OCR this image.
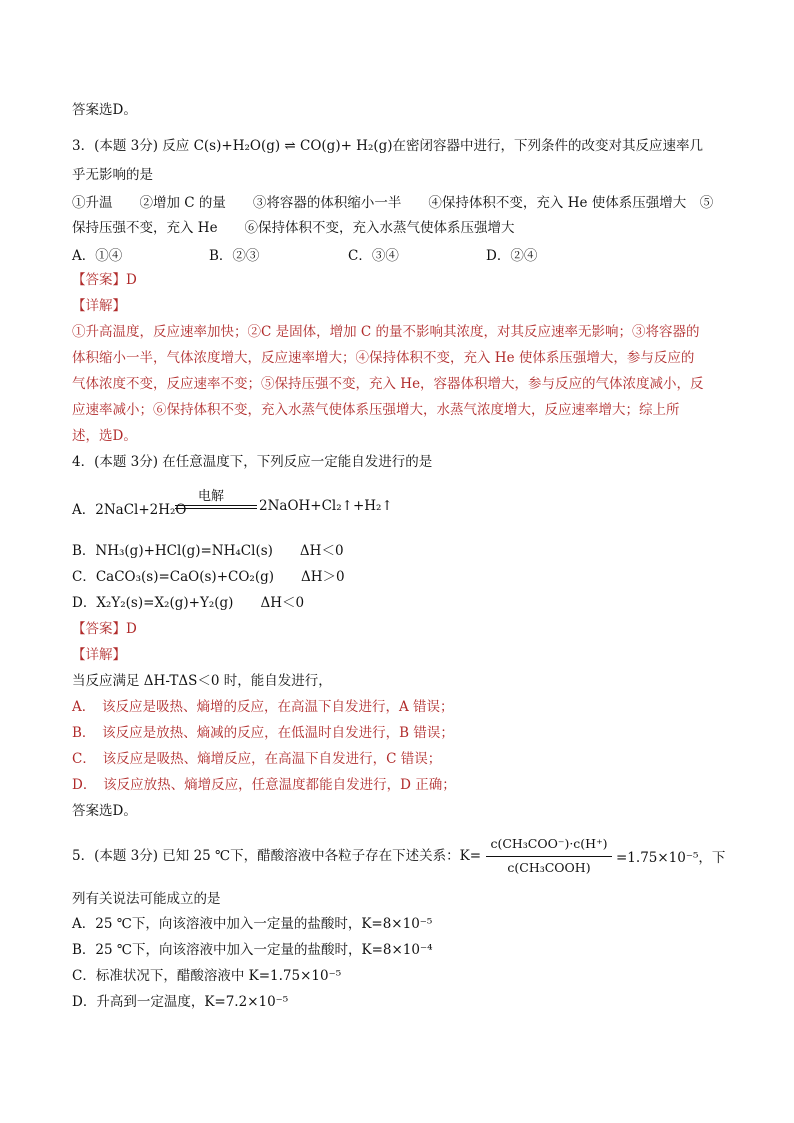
答案选D。
3．(本题 3分) 反应 C(s)+H₂O(g) ⇌ CO(g)+ H₂(g)在密闭容器中进行，下列条件的改变对其反应速率几
乎无影响的是
①升温　　②增加 C 的量　　③将容器的体积缩小一半　　④保持体积不变，充入 He 使体系压强增大　⑤
保持压强不变，充入 He　　⑥保持体积不变，充入水蒸气使体系压强增大
A．①④	B．②③	C．③④	D．②④
【答案】D
【详解】
①升高温度，反应速率加快；②C 是固体，增加 C 的量不影响其浓度，对其反应速率无影响；③将容器的
体积缩小一半，气体浓度增大，反应速率增大；④保持体积不变，充入 He 使体系压强增大，参与反应的
气体浓度不变，反应速率不变；⑤保持压强不变，充入 He，容器体积增大，参与反应的气体浓度减小，反
应速率减小；⑥保持体积不变，充入水蒸气使体系压强增大，水蒸气浓度增大，反应速率增大；综上所
述，选D。
4．(本题 3分) 在任意温度下，下列反应一定能自发进行的是
A．2NaCl+2H₂O
电解
2NaOH+Cl₂↑+H₂↑
B．NH₃(g)+HCl(g)=NH₄Cl(s)　　ΔH＜0
C．CaCO₃(s)=CaO(s)+CO₂(g)　　ΔH＞0
D．X₂Y₂(s)=X₂(g)+Y₂(g)　　ΔH＜0
【答案】D
【详解】
当反应满足 ΔH-TΔS＜0 时，能自发进行，
A．　该反应是吸热、熵增的反应，在高温下自发进行，A 错误；
B．　该反应是放热、熵减的反应，在低温时自发进行，B 错误；
C．　该反应是吸热、熵增反应，在高温下自发进行，C 错误；
D．　该反应放热、熵增反应，任意温度都能自发进行，D 正确；
答案选D。
5．(本题 3分) 已知 25 ℃下，醋酸溶液中各粒子存在下述关系：K=
c(CH₃COO⁻)·c(H⁺)
c(CH₃COOH)
=1.75×10⁻⁵，下
列有关说法可能成立的是
A．25 ℃下，向该溶液中加入一定量的盐酸时，K=8×10⁻⁵
B．25 ℃下，向该溶液中加入一定量的盐酸时，K=8×10⁻⁴
C．标准状况下，醋酸溶液中 K=1.75×10⁻⁵
D．升高到一定温度，K=7.2×10⁻⁵
